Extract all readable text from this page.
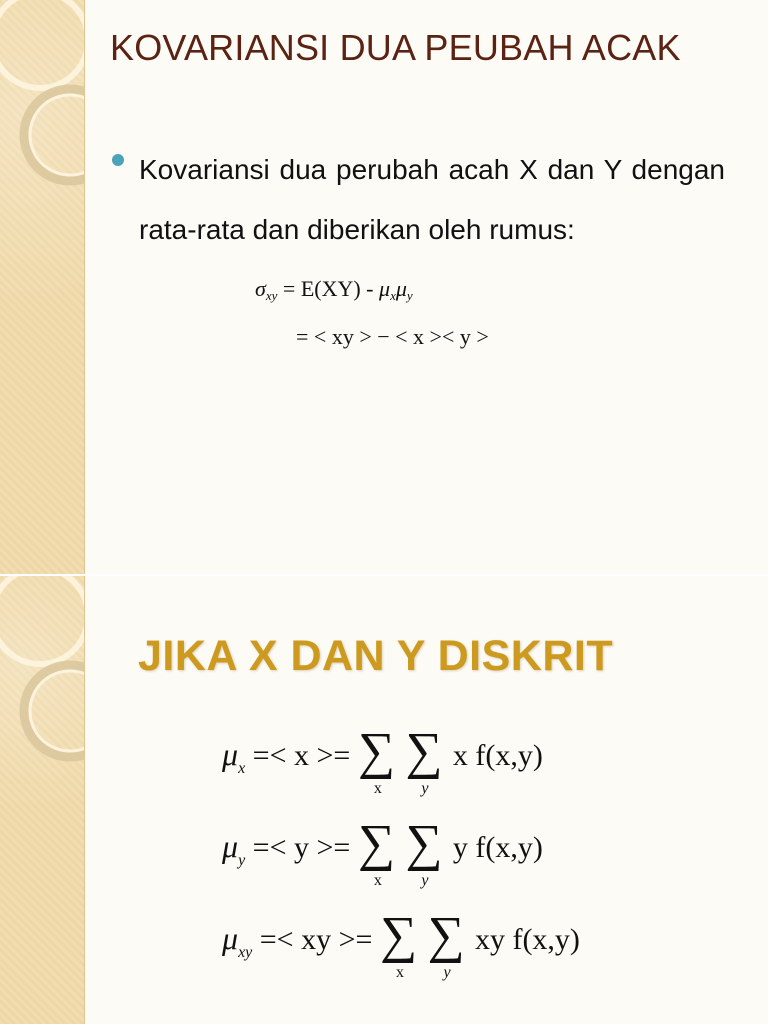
KOVARIANSI DUA PEUBAH ACAK
Kovariansi dua perubah acah X dan Y dengan rata-rata dan diberikan oleh rumus:
$\sigma_{xy} = E(XY) - \mu_x\mu_y$
= < xy > − < x >< y >
JIKA X DAN Y DISKRIT
$\mu_x =< x$ >= ∑
x

∑
y
x f(x,y)
$\mu_y =< y$ >= ∑
x

∑
y
y f(x,y)
$\mu_{xy}$ =< xy >= ∑
x

∑
y
xy f(x,y)
